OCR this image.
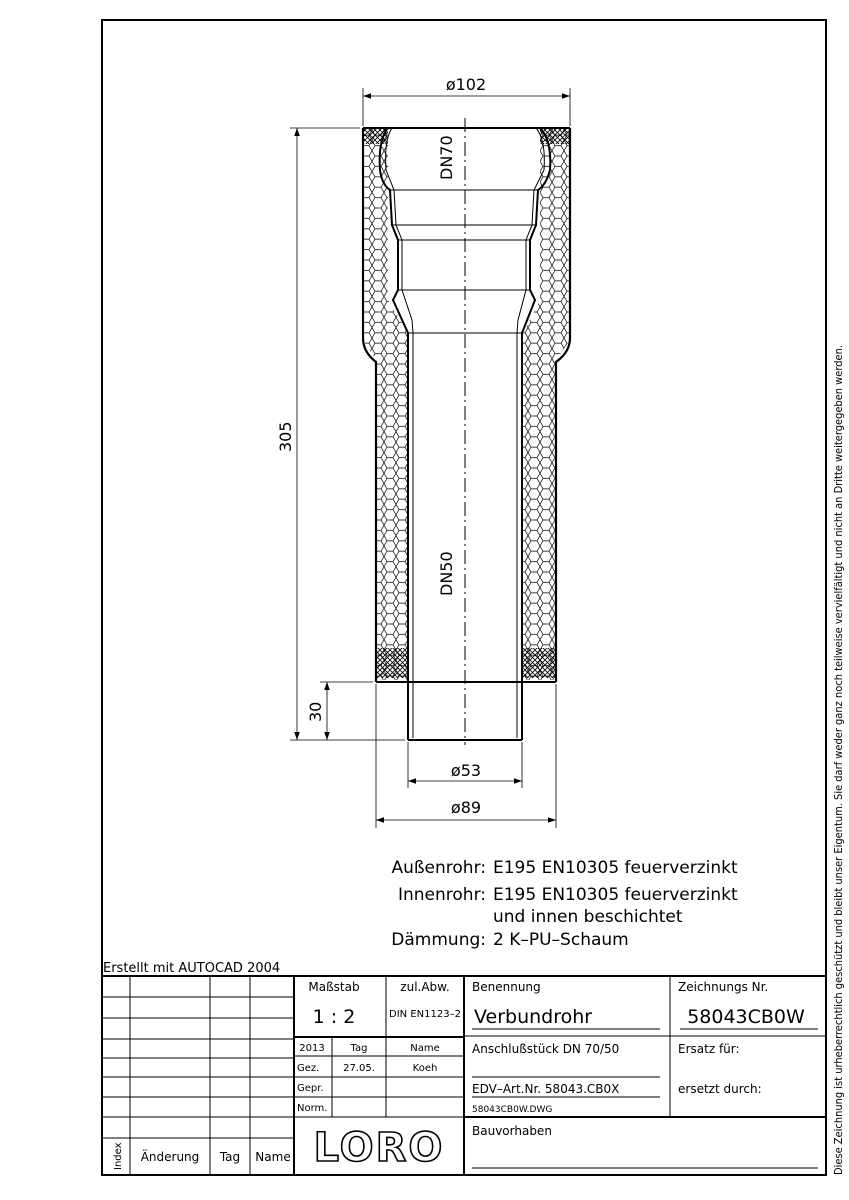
Diese Zeichnung ist urheberrechtlich geschützt und bleibt unser Eigentum. Sie darf weder ganz noch teilweise vervielfältigt und nicht an Dritte weitergegeben werden.
DN70
DN50
ø102
305
30
ø53
ø89
Außenrohr: E195 EN10305 feuerverzinkt
Innenrohr: E195 EN10305 feuerverzinkt
und innen beschichtet
Dämmung: 2 K–PU–Schaum
Erstellt mit AUTOCAD 2004
Index Änderung Tag Name
Maßstab
1 : 2
zul.Abw.
DIN EN1123–2
2013	Tag	Name
Gez. 27.05.	Koeh
Gepr.
Norm.
LORO
Benennung
Verbundrohr
Zeichnungs Nr.
58043CB0W
Anschlußstück DN 70/50	Ersatz für:
EDV–Art.Nr. 58043.CB0X	ersetzt durch:
58043CB0W.DWG
Bauvorhaben
